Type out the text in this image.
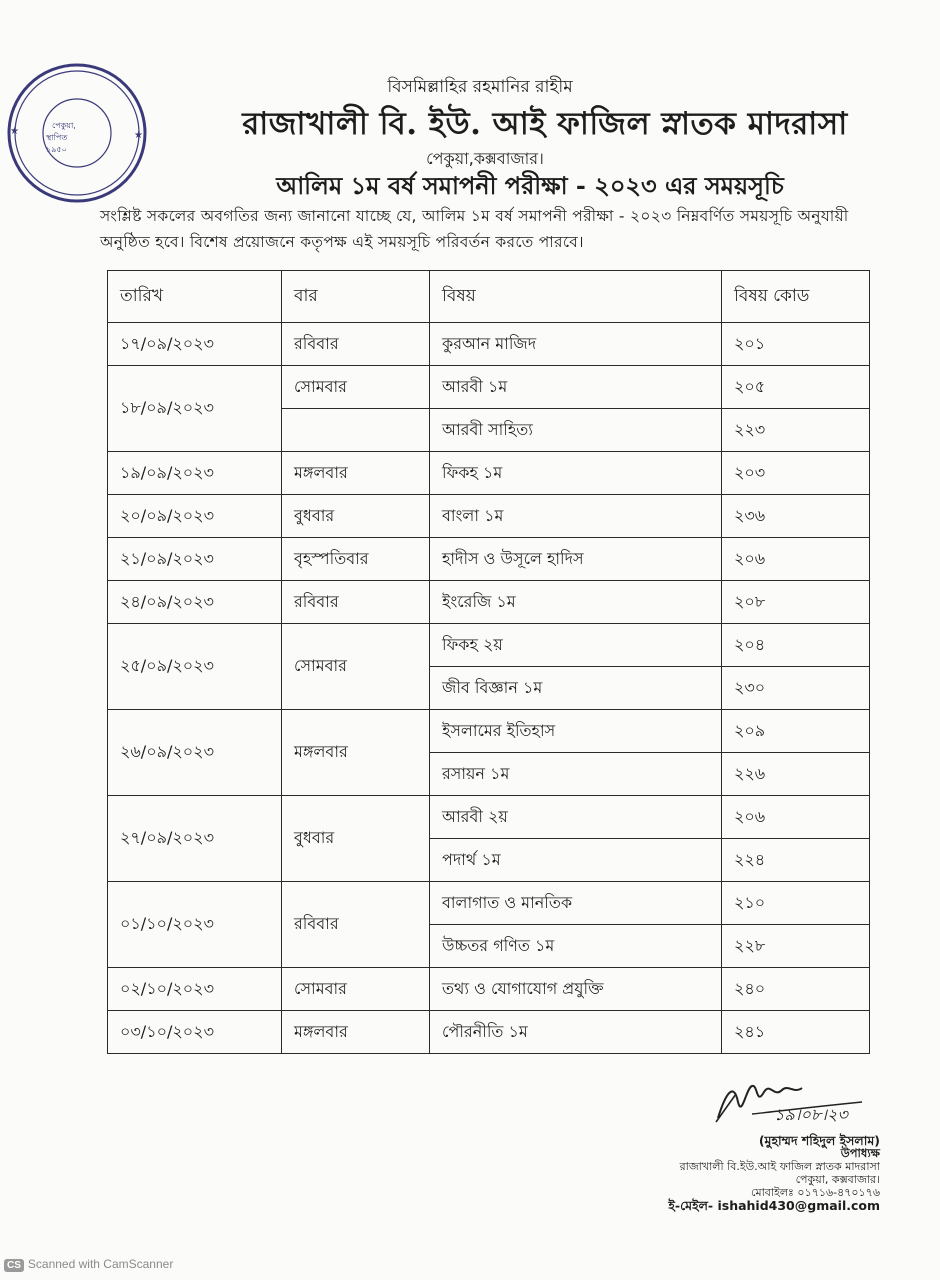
★	★
পেকুয়া,
স্থাপিত
১৯৫০
বিসমিল্লাহির রহমানির রাহীম
রাজাখালী বি. ইউ. আই ফাজিল স্নাতক মাদরাসা
পেকুয়া,কক্সবাজার।
আলিম ১ম বর্ষ সমাপনী পরীক্ষা - ২০২৩ এর সময়সূচি
সংশ্লিষ্ট সকলের অবগতির জন্য জানানো যাচ্ছে যে, আলিম ১ম বর্ষ সমাপনী পরীক্ষা - ২০২৩ নিম্নবর্ণিত সময়সূচি অনুযায়ী অনুষ্ঠিত হবে। বিশেষ প্রয়োজনে কতৃপক্ষ এই সময়সূচি পরিবর্তন করতে পারবে।
তারিখ	বার	বিষয়	বিষয় কোড
১৭/০৯/২০২৩	রবিবার	কুরআন মাজিদ	২০১
১৮/০৯/২০২৩	সোমবার	আরবী ১ম	২০৫
		আরবী সাহিত্য	২২৩
১৯/০৯/২০২৩	মঙ্গলবার	ফিকহ ১ম	২০৩
২০/০৯/২০২৩	বুধবার	বাংলা ১ম	২৩৬
২১/০৯/২০২৩	বৃহস্পতিবার	হাদীস ও উসূলে হাদিস	২০৬
২৪/০৯/২০২৩	রবিবার	ইংরেজি ১ম	২০৮
২৫/০৯/২০২৩	সোমবার	ফিকহ ২য়	২০৪
		জীব বিজ্ঞান ১ম	২৩০
২৬/০৯/২০২৩	মঙ্গলবার	ইসলামের ইতিহাস	২০৯
		রসায়ন ১ম	২২৬
২৭/০৯/২০২৩	বুধবার	আরবী ২য়	২০৬
		পদার্থ ১ম	২২৪
০১/১০/২০২৩	রবিবার	বালাগাত ও মানতিক	২১০
		উচ্চতর গণিত ১ম	২২৮
০২/১০/২০২৩	সোমবার	তথ্য ও যোগাযোগ প্রযুক্তি	২৪০
০৩/১০/২০২৩	মঙ্গলবার	পৌরনীতি ১ম	২৪১
১৯।০৮।২৩
(মুহাম্মদ শহিদুল ইসলাম)
উপাধ্যক্ষ
রাজাখালী বি.ইউ.আই ফাজিল স্নাতক মাদরাসা
পেকুয়া, কক্সবাজার।
মোবাইলঃ ০১৭১৬-৪৭০১৭৬
ই-মেইল- ishahid430@gmail.com
CS Scanned with CamScanner
